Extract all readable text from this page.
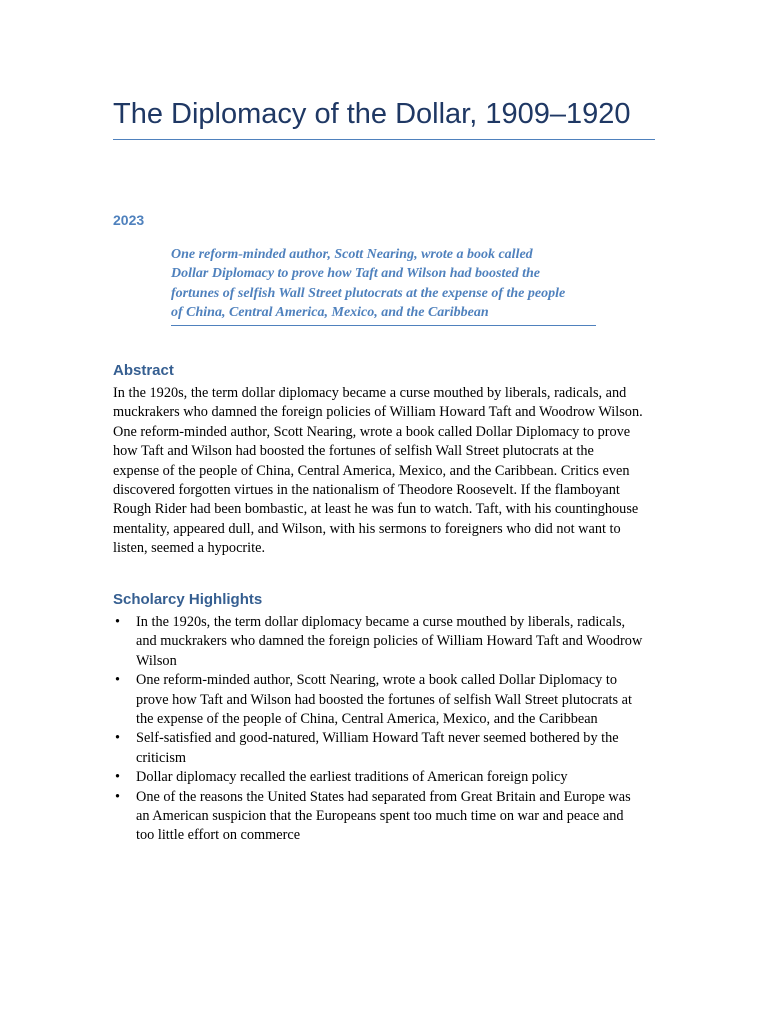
The Diplomacy of the Dollar, 1909–1920
2023
One reform-minded author, Scott Nearing, wrote a book called
Dollar Diplomacy to prove how Taft and Wilson had boosted the
fortunes of selfish Wall Street plutocrats at the expense of the people
of China, Central America, Mexico, and the Caribbean
Abstract
In the 1920s, the term dollar diplomacy became a curse mouthed by liberals, radicals, and
muckrakers who damned the foreign policies of William Howard Taft and Woodrow Wilson.
One reform-minded author, Scott Nearing, wrote a book called Dollar Diplomacy to prove
how Taft and Wilson had boosted the fortunes of selfish Wall Street plutocrats at the
expense of the people of China, Central America, Mexico, and the Caribbean. Critics even
discovered forgotten virtues in the nationalism of Theodore Roosevelt. If the flamboyant
Rough Rider had been bombastic, at least he was fun to watch. Taft, with his countinghouse
mentality, appeared dull, and Wilson, with his sermons to foreigners who did not want to
listen, seemed a hypocrite.
Scholarcy Highlights
•	In the 1920s, the term dollar diplomacy became a curse mouthed by liberals, radicals,
and muckrakers who damned the foreign policies of William Howard Taft and Woodrow
Wilson
•	One reform-minded author, Scott Nearing, wrote a book called Dollar Diplomacy to
prove how Taft and Wilson had boosted the fortunes of selfish Wall Street plutocrats at
the expense of the people of China, Central America, Mexico, and the Caribbean
•	Self-satisfied and good-natured, William Howard Taft never seemed bothered by the
criticism
•	Dollar diplomacy recalled the earliest traditions of American foreign policy
•	One of the reasons the United States had separated from Great Britain and Europe was
an American suspicion that the Europeans spent too much time on war and peace and
too little effort on commerce
